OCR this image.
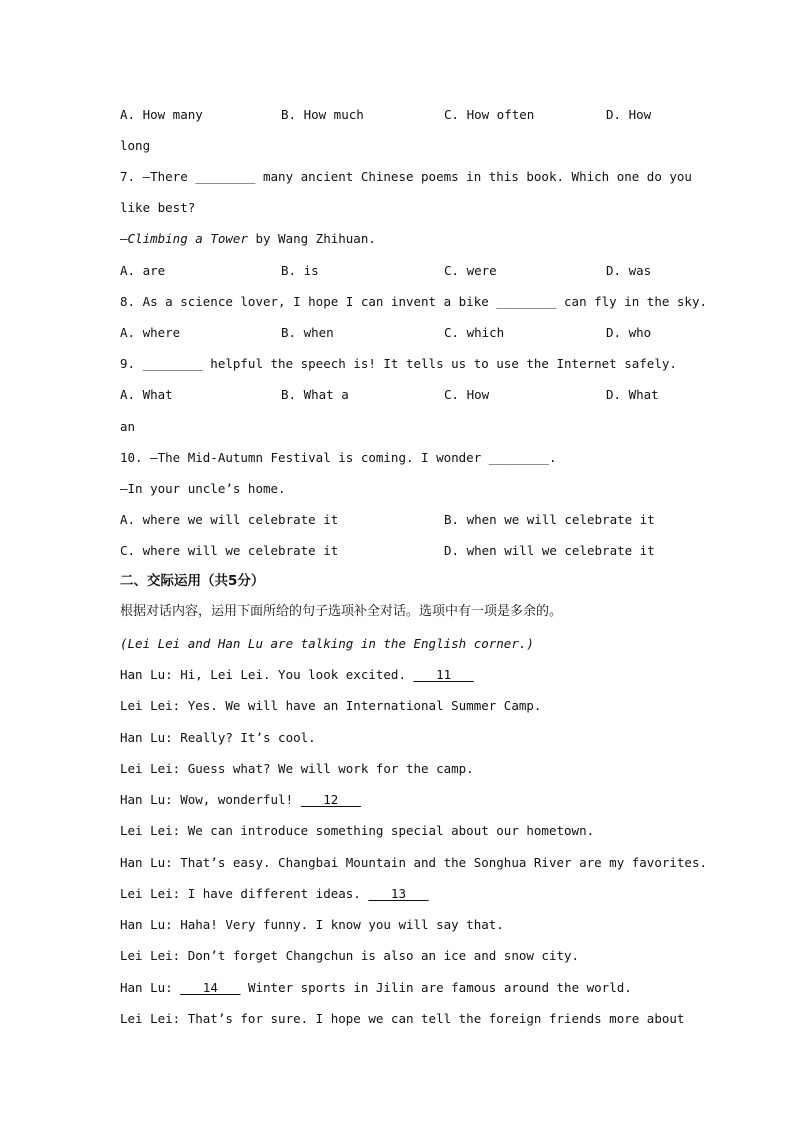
A. How many	B. How much	C. How often	D. How
long
7. —There ________ many ancient Chinese poems in this book. Which one do you
like best?
—Climbing a Tower by Wang Zhihuan.
A. are	B. is	C. were	D. was
8. As a science lover, I hope I can invent a bike ________ can fly in the sky.
A. where	B. when	C. which	D. who
9. ________ helpful the speech is! It tells us to use the Internet safely.
A. What	B. What a	C. How	D. What
an
10. —The Mid-Autumn Festival is coming. I wonder ________.
—In your uncle’s home.
A. where we will celebrate it	B. when we will celebrate it
C. where will we celebrate it	D. when will we celebrate it
二、交际运用（共5分）
根据对话内容，运用下面所给的句子选项补全对话。选项中有一项是多余的。
(Lei Lei and Han Lu are talking in the English corner.)
Han Lu: Hi, Lei Lei. You look excited. ___11___
Lei Lei: Yes. We will have an International Summer Camp.
Han Lu: Really? It’s cool.
Lei Lei: Guess what? We will work for the camp.
Han Lu: Wow, wonderful! ___12___
Lei Lei: We can introduce something special about our hometown.
Han Lu: That’s easy. Changbai Mountain and the Songhua River are my favorites.
Lei Lei: I have different ideas. ___13___
Han Lu: Haha! Very funny. I know you will say that.
Lei Lei: Don’t forget Changchun is also an ice and snow city.
Han Lu: ___14___ Winter sports in Jilin are famous around the world.
Lei Lei: That’s for sure. I hope we can tell the foreign friends more about
